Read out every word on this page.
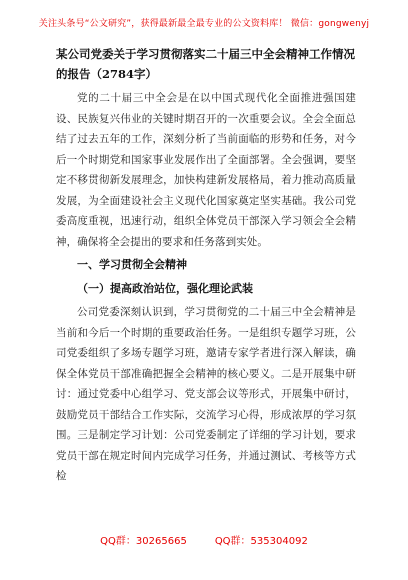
关注头条号“公文研究”，获得最新最全最专业的公文资料库！ 微信：gongwenyj
某公司党委关于学习贯彻落实二十届三中全会精神工作情况的报告（2784字）

党的二十届三中全会是在以中国式现代化全面推进强国建设、民族复兴伟业的关键时期召开的一次重要会议。全会全面总结了过去五年的工作，深刻分析了当前面临的形势和任务，对今后一个时期党和国家事业发展作出了全面部署。全会强调，要坚定不移贯彻新发展理念，加快构建新发展格局，着力推动高质量发展，为全面建设社会主义现代化国家奠定坚实基础。我公司党委高度重视，迅速行动，组织全体党员干部深入学习领会全会精神，确保将全会提出的要求和任务落到实处。

一、学习贯彻全会精神
（一）提高政治站位，强化理论武装

公司党委深刻认识到，学习贯彻党的二十届三中全会精神是当前和今后一个时期的重要政治任务。一是组织专题学习班，公司党委组织了多场专题学习班，邀请专家学者进行深入解读，确保全体党员干部准确把握全会精神的核心要义。二是开展集中研讨：通过党委中心组学习、党支部会议等形式，开展集中研讨，鼓励党员干部结合工作实际，交流学习心得，形成浓厚的学习氛围。三是制定学习计划：公司党委制定了详细的学习计划，要求党员干部在规定时间内完成学习任务，并通过测试、考核等方式检

QQ群：30265665	QQ群：535304092
